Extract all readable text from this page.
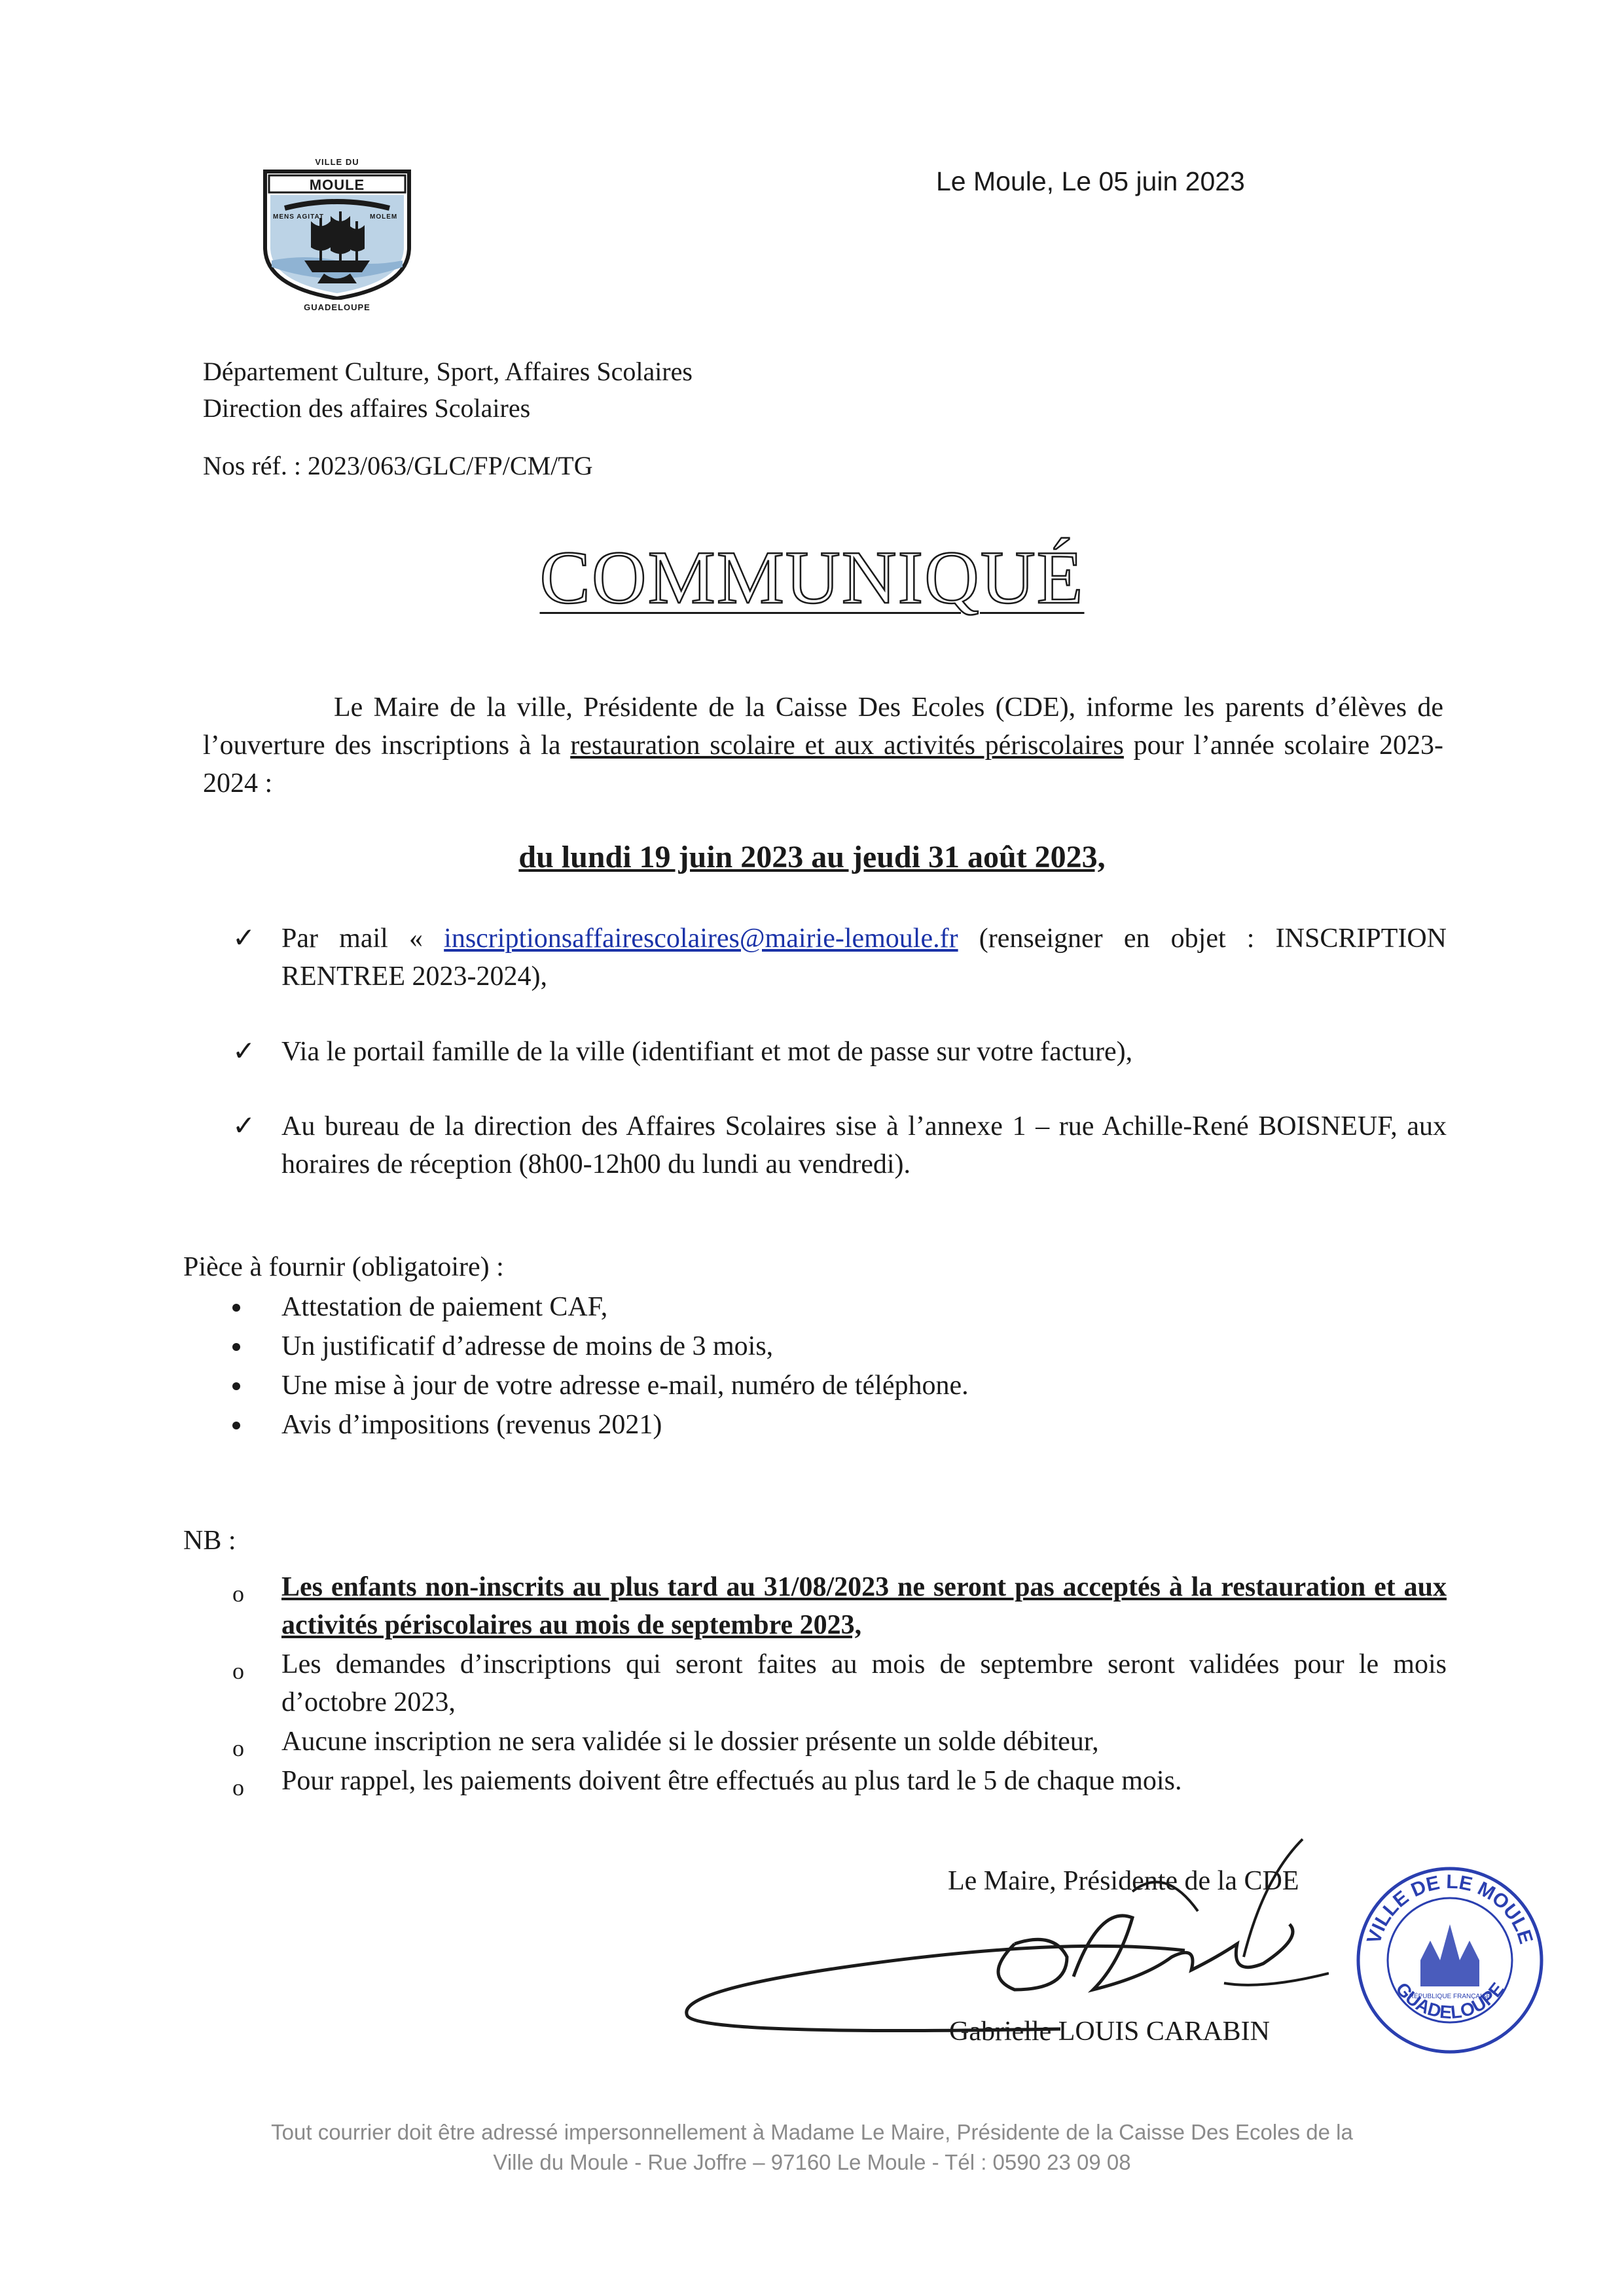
VILLE DU
MOULE
MENS AGITAT	MOLEM
GUADELOUPE
Le Moule, Le 05 juin 2023
Département Culture, Sport, Affaires Scolaires
Direction des affaires Scolaires
Nos réf. : 2023/063/GLC/FP/CM/TG
COMMUNIQUÉ
Le Maire de la ville, Présidente de la Caisse Des Ecoles (CDE), informe les parents d’élèves de l’ouverture des inscriptions à la restauration scolaire et aux activités périscolaires pour l’année scolaire 2023-2024 :
du lundi 19 juin 2023 au jeudi 31 août 2023,
✓ Par mail « inscriptionsaffairescolaires@mairie-lemoule.fr (renseigner en objet : INSCRIPTION RENTREE 2023-2024),
✓ Via le portail famille de la ville (identifiant et mot de passe sur votre facture),
✓ Au bureau de la direction des Affaires Scolaires sise à l’annexe 1 – rue Achille-René BOISNEUF, aux horaires de réception (8h00-12h00 du lundi au vendredi).
Pièce à fournir (obligatoire) :
Attestation de paiement CAF,
Un justificatif d’adresse de moins de 3 mois,
Une mise à jour de votre adresse e-mail, numéro de téléphone.
Avis d’impositions (revenus 2021)
NB :
o Les enfants non-inscrits au plus tard au 31/08/2023 ne seront pas acceptés à la restauration et aux activités périscolaires au mois de septembre 2023,
o Les demandes d’inscriptions qui seront faites au mois de septembre seront validées pour le mois d’octobre 2023,
o Aucune inscription ne sera validée si le dossier présente un solde débiteur,
o Pour rappel, les paiements doivent être effectués au plus tard le 5 de chaque mois.
Le Maire, Présidente de la CDE
Gabrielle LOUIS CARABIN
VILLE DE LE MOULE
GUADELOUPE
RÉPUBLIQUE FRANÇAISE
Tout courrier doit être adressé impersonnellement à Madame Le Maire, Présidente de la Caisse Des Ecoles de la
Ville du Moule - Rue Joffre – 97160 Le Moule - Tél : 0590 23 09 08
